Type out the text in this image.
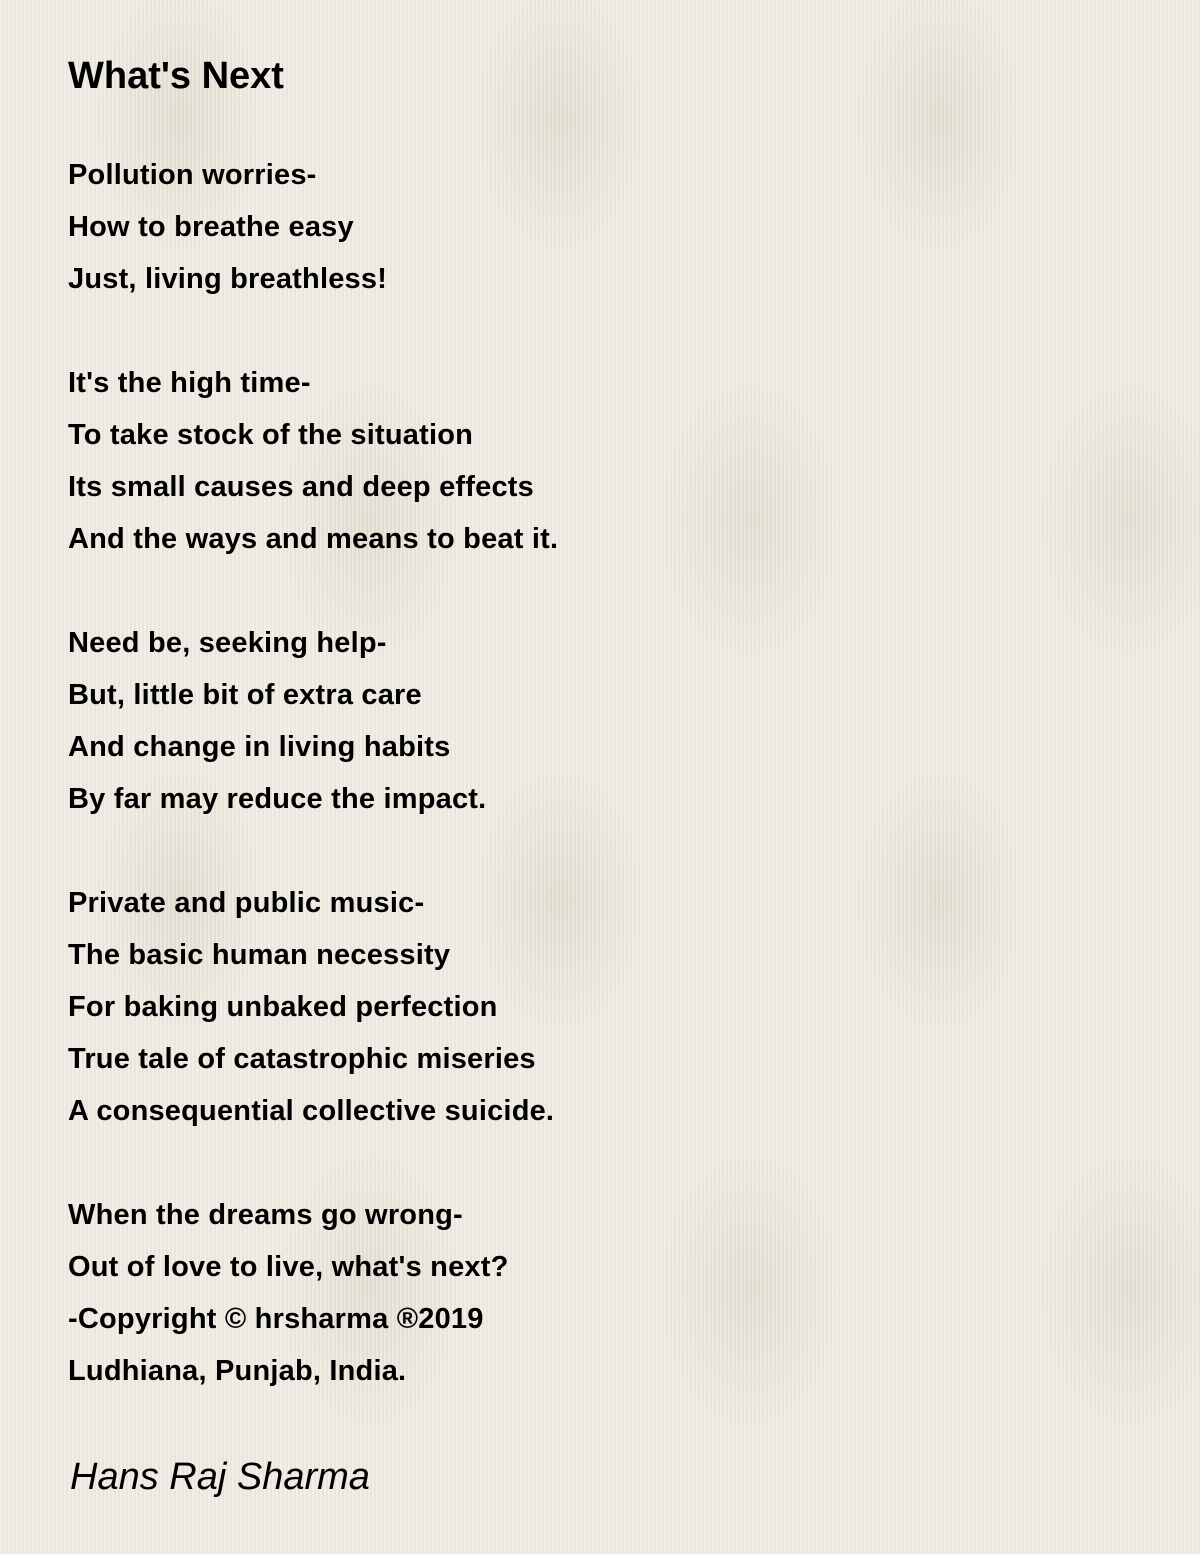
What's Next
Pollution worries-
How to breathe easy
Just, living breathless!
It's the high time-
To take stock of the situation
Its small causes and deep effects
And the ways and means to beat it.
Need be, seeking help-
But, little bit of extra care
And change in living habits
By far may reduce the impact.
Private and public music-
The basic human necessity
For baking unbaked perfection
True tale of catastrophic miseries
A consequential collective suicide.
When the dreams go wrong-
Out of love to live, what's next?
-Copyright © hrsharma ®2019
Ludhiana, Punjab, India.

Hans Raj Sharma
